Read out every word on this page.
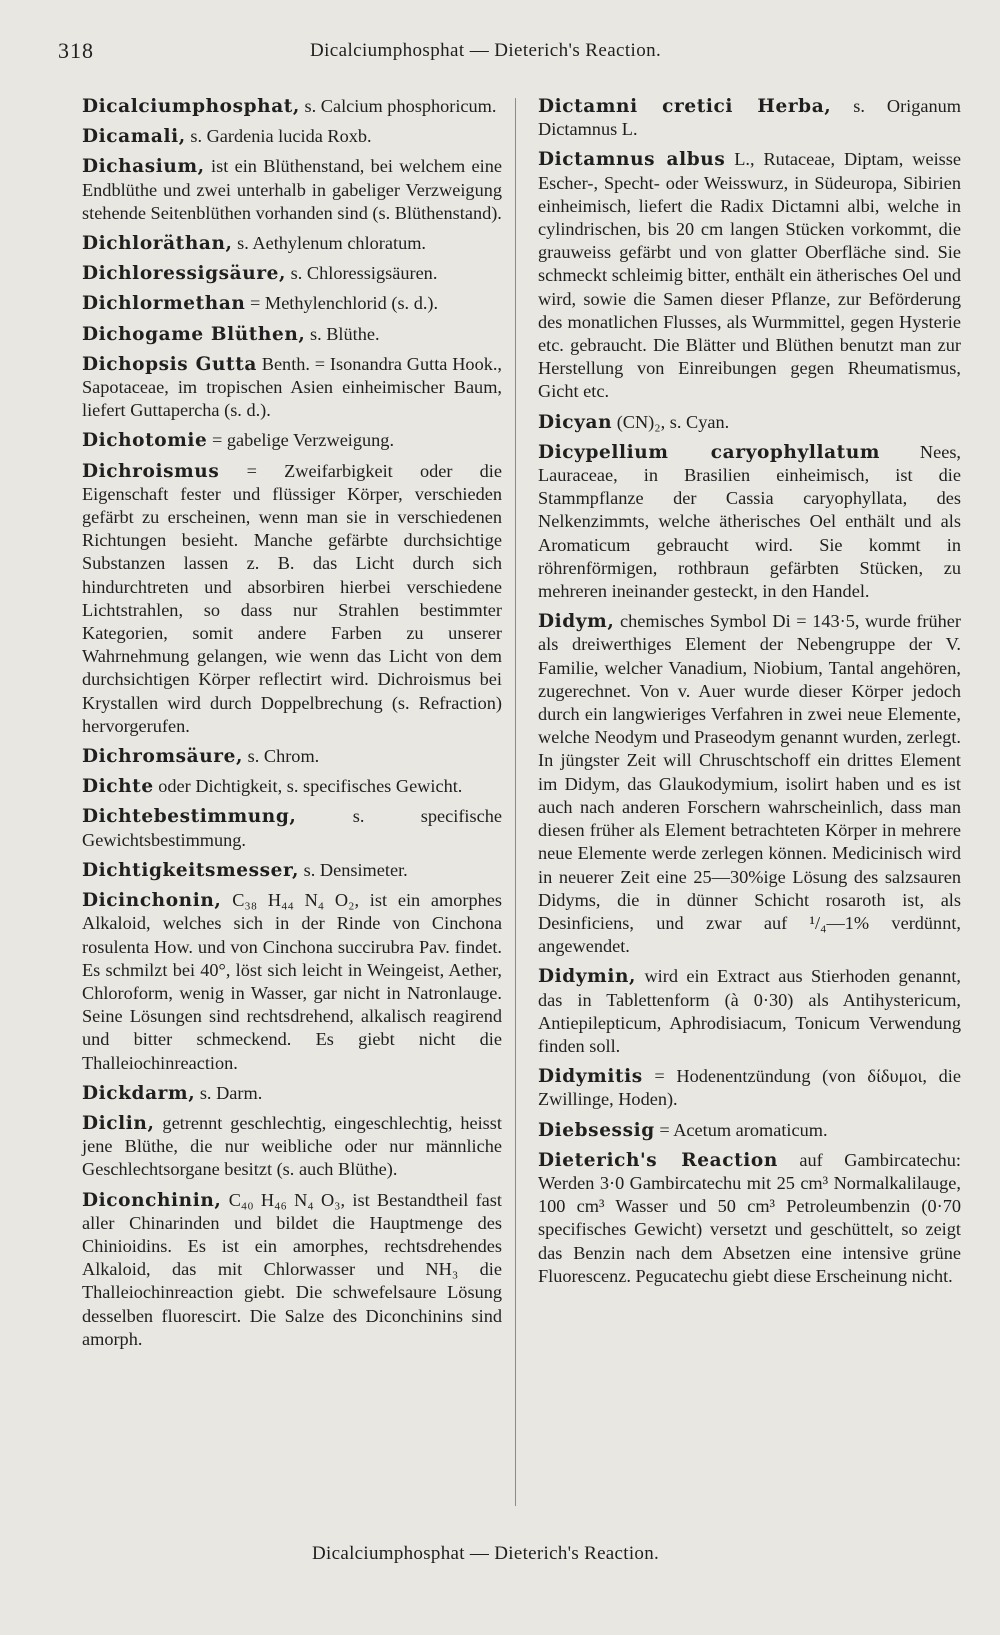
318	Dicalciumphosphat — Dieterich's Reaction.

Dicalciumphosphat, s. Calcium phosphoricum.

Dicamali, s. Gardenia lucida Roxb.

Dichasium, ist ein Blüthenstand, bei welchem eine Endblüthe und zwei unterhalb in gabeliger Verzweigung stehende Seitenblüthen vorhanden sind (s. Blüthenstand).

Dichloräthan, s. Aethylenum chloratum.

Dichloressigsäure, s. Chloressigsäuren.

Dichlormethan = Methylenchlorid (s. d.).

Dichogame Blüthen, s. Blüthe.

Dichopsis Gutta Benth. = Isonandra Gutta Hook., Sapotaceae, im tropischen Asien einheimischer Baum, liefert Guttapercha (s. d.).

Dichotomie = gabelige Verzweigung.

Dichroismus = Zweifarbigkeit oder die Eigenschaft fester und flüssiger Körper, verschieden gefärbt zu erscheinen, wenn man sie in verschiedenen Richtungen besieht. Manche gefärbte durchsichtige Substanzen lassen z. B. das Licht durch sich hindurchtreten und absorbiren hierbei verschiedene Lichtstrahlen, so dass nur Strahlen bestimmter Kategorien, somit andere Farben zu unserer Wahrnehmung gelangen, wie wenn das Licht von dem durchsichtigen Körper reflectirt wird. Dichroismus bei Krystallen wird durch Doppelbrechung (s. Refraction) hervorgerufen.

Dichromsäure, s. Chrom.

Dichte oder Dichtigkeit, s. specifisches Gewicht.

Dichtebestimmung, s. specifische Gewichtsbestimmung.

Dichtigkeitsmesser, s. Densimeter.

Dicinchonin, C₃₈ H₄₄ N₄ O₂, ist ein amorphes Alkaloid, welches sich in der Rinde von Cinchona rosulenta How. und von Cinchona succirubra Pav. findet. Es schmilzt bei 40°, löst sich leicht in Weingeist, Aether, Chloroform, wenig in Wasser, gar nicht in Natronlauge. Seine Lösungen sind rechtsdrehend, alkalisch reagirend und bitter schmeckend. Es giebt nicht die Thalleiochinreaction.

Dickdarm, s. Darm.

Diclin, getrennt geschlechtig, eingeschlechtig, heisst jene Blüthe, die nur weibliche oder nur männliche Geschlechtsorgane besitzt (s. auch Blüthe).

Diconchinin, C₄₀ H₄₆ N₄ O₃, ist Bestandtheil fast aller Chinarinden und bildet die Hauptmenge des Chinioidins. Es ist ein amorphes, rechtsdrehendes Alkaloid, das mit Chlorwasser und NH₃ die Thalleiochinreaction giebt. Die schwefelsaure Lösung desselben fluorescirt. Die Salze des Diconchinins sind amorph.

Dictamni cretici Herba, s. Origanum Dictamnus L.

Dictamnus albus L., Rutaceae, Diptam, weisse Escher-, Specht- oder Weisswurz, in Südeuropa, Sibirien einheimisch, liefert die Radix Dictamni albi, welche in cylindrischen, bis 20 cm langen Stücken vorkommt, die grauweiss gefärbt und von glatter Oberfläche sind. Sie schmeckt schleimig bitter, enthält ein ätherisches Oel und wird, sowie die Samen dieser Pflanze, zur Beförderung des monatlichen Flusses, als Wurmmittel, gegen Hysterie etc. gebraucht. Die Blätter und Blüthen benutzt man zur Herstellung von Einreibungen gegen Rheumatismus, Gicht etc.

Dicyan (CN)₂, s. Cyan.

Dicypellium caryophyllatum Nees, Lauraceae, in Brasilien einheimisch, ist die Stammpflanze der Cassia caryophyllata, des Nelkenzimmts, welche ätherisches Oel enthält und als Aromaticum gebraucht wird. Sie kommt in röhrenförmigen, rothbraun gefärbten Stücken, zu mehreren ineinander gesteckt, in den Handel.

Didym, chemisches Symbol Di = 143·5, wurde früher als dreiwerthiges Element der Nebengruppe der V. Familie, welcher Vanadium, Niobium, Tantal angehören, zugerechnet. Von v. Auer wurde dieser Körper jedoch durch ein langwieriges Verfahren in zwei neue Elemente, welche Neodym und Praseodym genannt wurden, zerlegt. In jüngster Zeit will Chruschtschoff ein drittes Element im Didym, das Glaukodymium, isolirt haben und es ist auch nach anderen Forschern wahrscheinlich, dass man diesen früher als Element betrachteten Körper in mehrere neue Elemente werde zerlegen können. Medicinisch wird in neuerer Zeit eine 25—30%ige Lösung des salzsauren Didyms, die in dünner Schicht rosaroth ist, als Desinficiens, und zwar auf ¹/₄—1% verdünnt, angewendet.

Didymin, wird ein Extract aus Stierhoden genannt, das in Tablettenform (à 0·30) als Antihystericum, Antiepilepticum, Aphrodisiacum, Tonicum Verwendung finden soll.

Didymitis = Hodenentzündung (von δίδυμοι, die Zwillinge, Hoden).

Diebsessig = Acetum aromaticum.

Dieterich's Reaction auf Gambircatechu: Werden 3·0 Gambircatechu mit 25 cm³ Normalkalilauge, 100 cm³ Wasser und 50 cm³ Petroleumbenzin (0·70 specifisches Gewicht) versetzt und geschüttelt, so zeigt das Benzin nach dem Absetzen eine intensive grüne Fluorescenz. Pegucatechu giebt diese Erscheinung nicht.

Dicalciumphosphat — Dieterich's Reaction.
